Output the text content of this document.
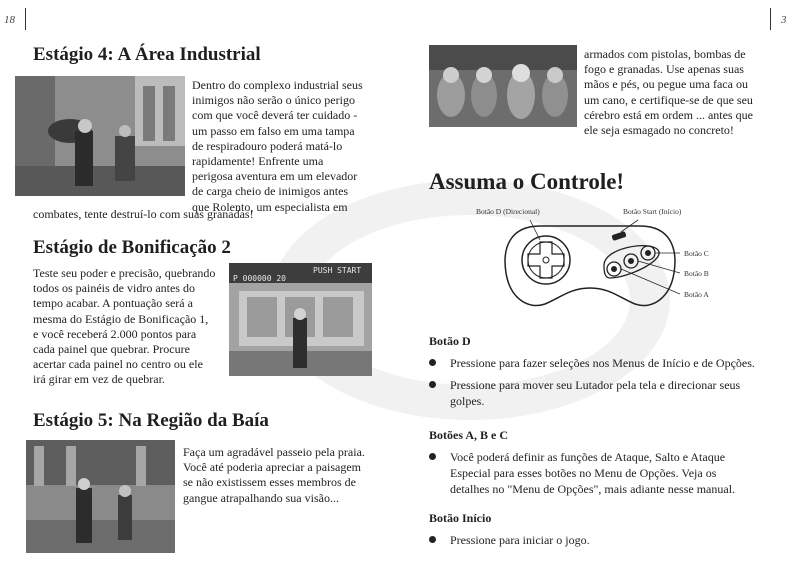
18	3
Estágio 4: A Área Industrial
Dentro do complexo industrial seus
inimigos não serão o único perigo
com que você deverá ter cuidado -
um passo em falso em uma tampa
de respiradouro poderá matá-lo
rapidamente! Enfrente uma
perigosa aventura em um elevador
de carga cheio de inimigos antes
que Rolento, um especialista em
combates, tente destruí-lo com suas granadas!
Estágio de Bonificação 2
Teste seu poder e precisão, quebrando
todos os painéis de vidro antes do
tempo acabar. A pontuação será a
mesma do Estágio de Bonificação 1,
e você receberá 2.000 pontos para
cada painel que quebrar. Procure
acertar cada painel no centro ou ele
irá girar em vez de quebrar.
PUSH START
P 000000 20
Estágio 5: Na Região da Baía
Faça um agradável passeio pela praia.
Você até poderia apreciar a paisagem
se não existissem esses membros de
gangue atrapalhando sua visão...
armados com pistolas, bombas de
fogo e granadas. Use apenas suas
mãos e pés, ou pegue uma faca ou
um cano, e certifique-se de que seu
cérebro está em ordem ... antes que
ele seja esmagado no concreto!
Assuma o Controle!
Botão D (Direcional)	Botão Start (Início)
Botão C
Botão B
Botão A
Botão D
Pressione para fazer seleções nos Menus de Início e de Opções.
Pressione para mover seu Lutador pela tela e direcionar seus golpes.
Botões A, B e C
Você poderá definir as funções de Ataque, Salto e Ataque
Especial para esses botões no Menu de Opções. Veja os
detalhes no "Menu de Opções", mais adiante nesse manual.
Botão Início
Pressione para iniciar o jogo.
